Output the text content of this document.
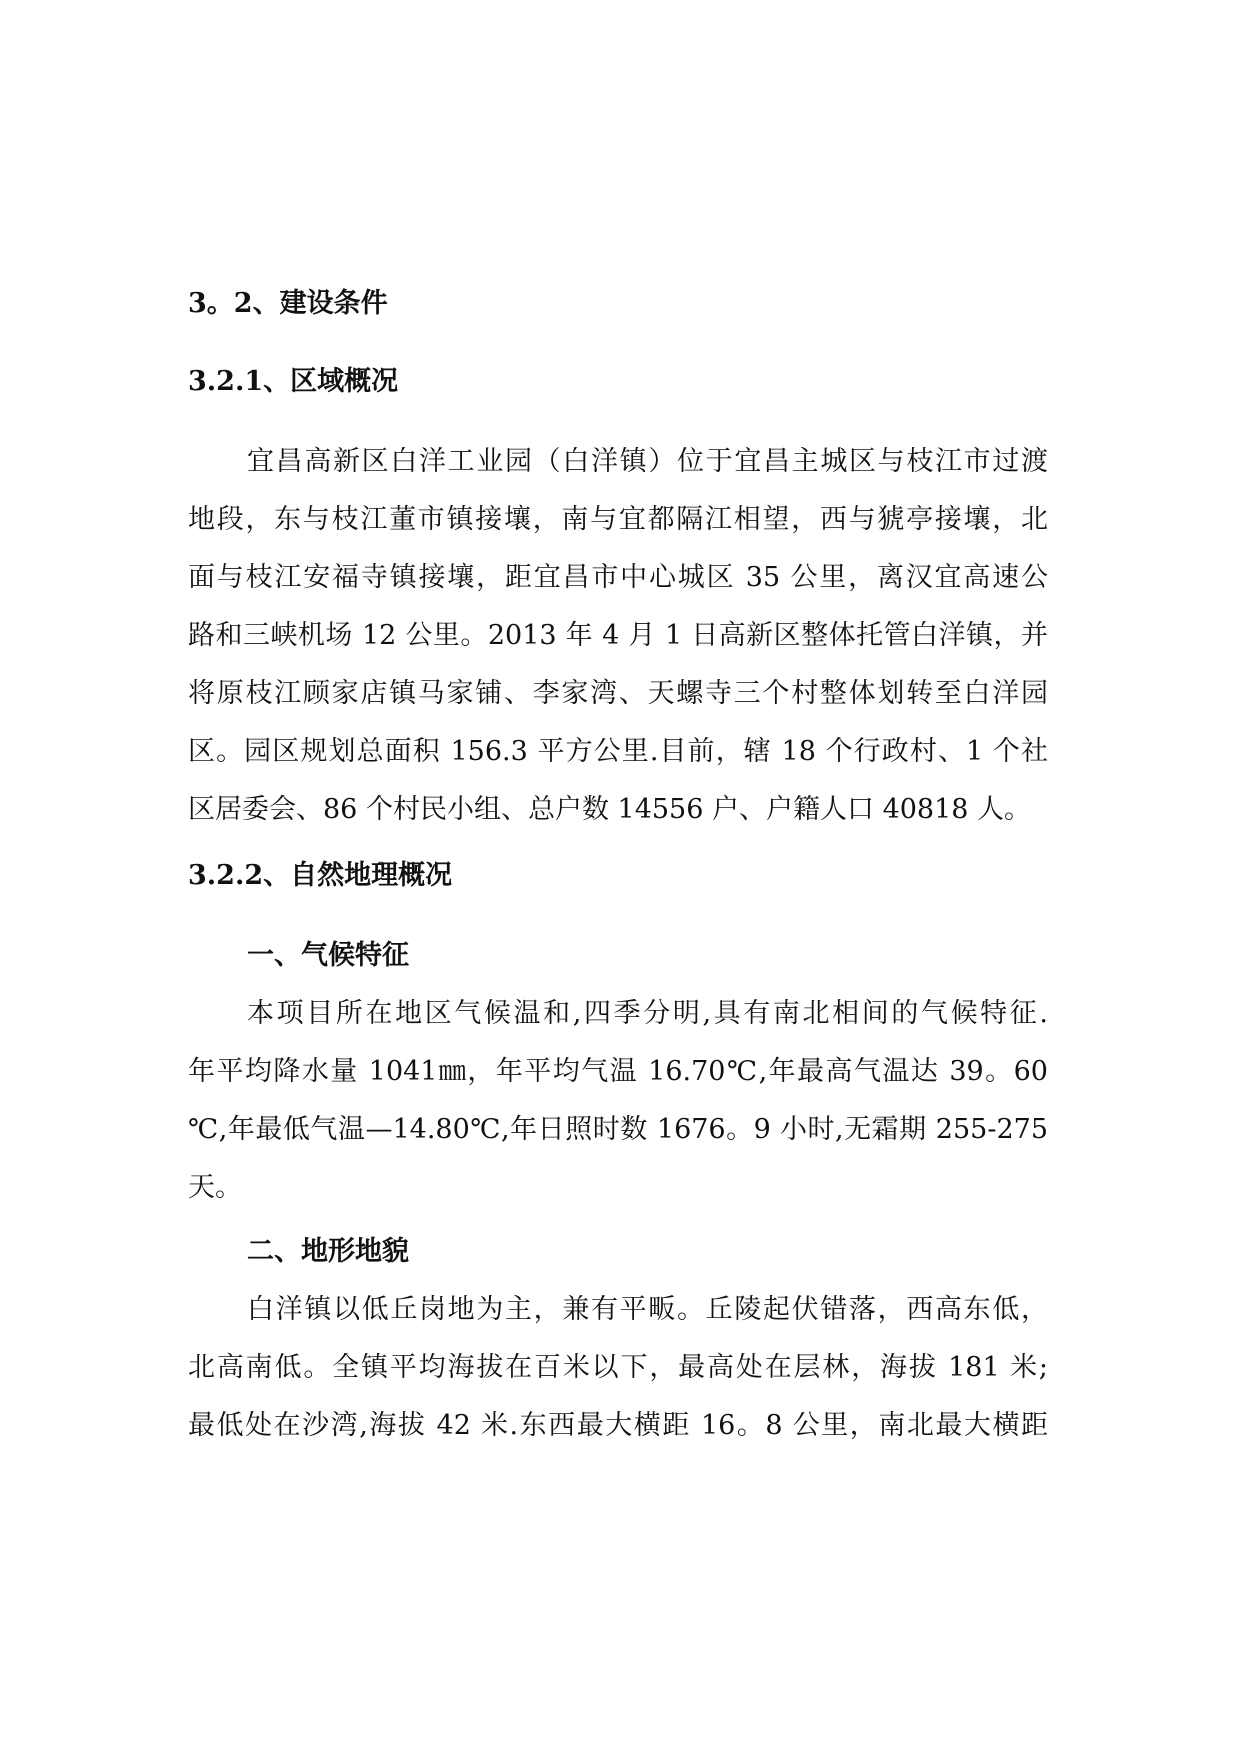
3。2、建设条件
3.2.1、区域概况
宜昌高新区白洋工业园（白洋镇）位于宜昌主城区与枝江市过渡
地段，东与枝江董市镇接壤，南与宜都隔江相望，西与猇亭接壤，北
面与枝江安福寺镇接壤，距宜昌市中心城区 35 公里，离汉宜高速公
路和三峡机场 12 公里。2013 年 4 月 1 日高新区整体托管白洋镇，并
将原枝江顾家店镇马家铺、李家湾、天螺寺三个村整体划转至白洋园
区。园区规划总面积 156.3 平方公里.目前，辖 18 个行政村、1 个社
区居委会、86 个村民小组、总户数 14556 户、户籍人口 40818 人。
3.2.2、自然地理概况
一、气候特征
本项目所在地区气候温和,四季分明,具有南北相间的气候特征.
年平均降水量 1041㎜，年平均气温 16.70℃,年最高气温达 39。60
℃,年最低气温—14.80℃,年日照时数 1676。9 小时,无霜期 255-275
天。
二、地形地貌
白洋镇以低丘岗地为主，兼有平畈。丘陵起伏错落，西高东低，
北高南低。全镇平均海拔在百米以下，最高处在层林，海拔 181 米;
最低处在沙湾,海拔 42 米.东西最大横距 16。8 公里，南北最大横距
